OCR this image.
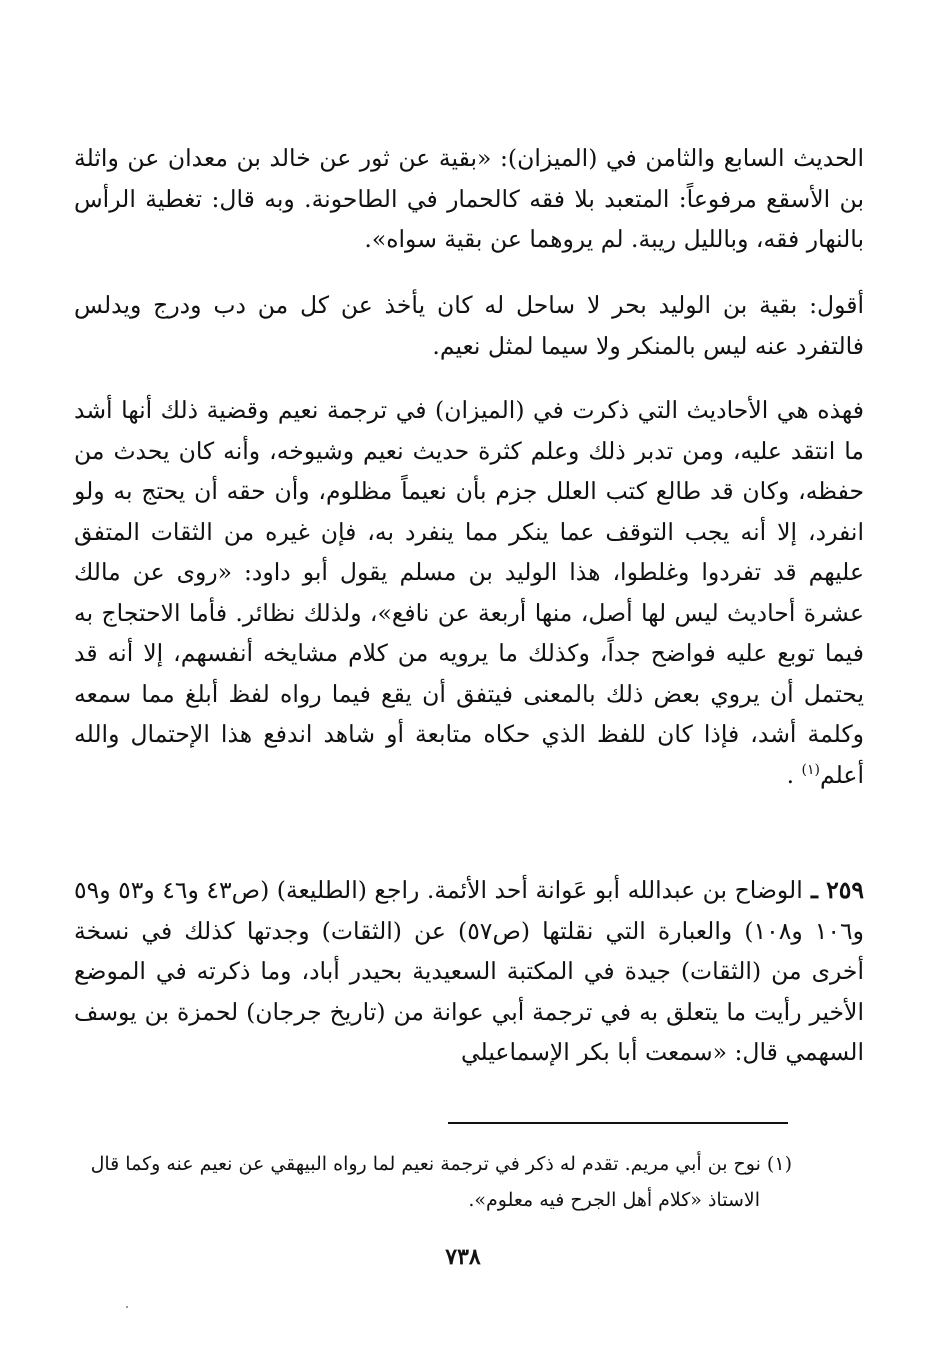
الحديث السابع والثامن في (الميزان): «بقية عن ثور عن خالد بن معدان عن واثلة بن الأسقع مرفوعاً: المتعبد بلا فقه كالحمار في الطاحونة. وبه قال: تغطية الرأس بالنهار فقه، وبالليل ريبة. لم يروهما عن بقية سواه».

أقول: بقية بن الوليد بحر لا ساحل له كان يأخذ عن كل من دب ودرج ويدلس فالتفرد عنه ليس بالمنكر ولا سيما لمثل نعيم.

فهذه هي الأحاديث التي ذكرت في (الميزان) في ترجمة نعيم وقضية ذلك أنها أشد ما انتقد عليه، ومن تدبر ذلك وعلم كثرة حديث نعيم وشيوخه، وأنه كان يحدث من حفظه، وكان قد طالع كتب العلل جزم بأن نعيماً مظلوم، وأن حقه أن يحتج به ولو انفرد، إلا أنه يجب التوقف عما ينكر مما ينفرد به، فإن غيره من الثقات المتفق عليهم قد تفردوا وغلطوا، هذا الوليد بن مسلم يقول أبو داود: «روى عن مالك عشرة أحاديث ليس لها أصل، منها أربعة عن نافع»، ولذلك نظائر. فأما الاحتجاج به فيما توبع عليه فواضح جداً، وكذلك ما يرويه من كلام مشايخه أنفسهم، إلا أنه قد يحتمل أن يروي بعض ذلك بالمعنى فيتفق أن يقع فيما رواه لفظ أبلغ مما سمعه وكلمة أشد، فإذا كان للفظ الذي حكاه متابعة أو شاهد اندفع هذا الإحتمال والله أعلم$^{(١)}$ .

٢٥٩ ـ الوضاح بن عبدالله أبو عَوانة أحد الأئمة. راجع (الطليعة) (ص٤٣ و٤٦ و٥٣ و٥٩ و١٠٦ و١٠٨) والعبارة التي نقلتها (ص٥٧) عن (الثقات) وجدتها كذلك في نسخة أخرى من (الثقات) جيدة في المكتبة السعيدية بحيدر أباد، وما ذكرته في الموضع الأخير رأيت ما يتعلق به في ترجمة أبي عوانة من (تاريخ جرجان) لحمزة بن يوسف السهمي قال: «سمعت أبا بكر الإسماعيلي

(١) نوح بن أبي مريم. تقدم له ذكر في ترجمة نعيم لما رواه البيهقي عن نعيم عنه وكما قال
الاستاذ «كلام أهل الجرح فيه معلوم».

٧٣٨
